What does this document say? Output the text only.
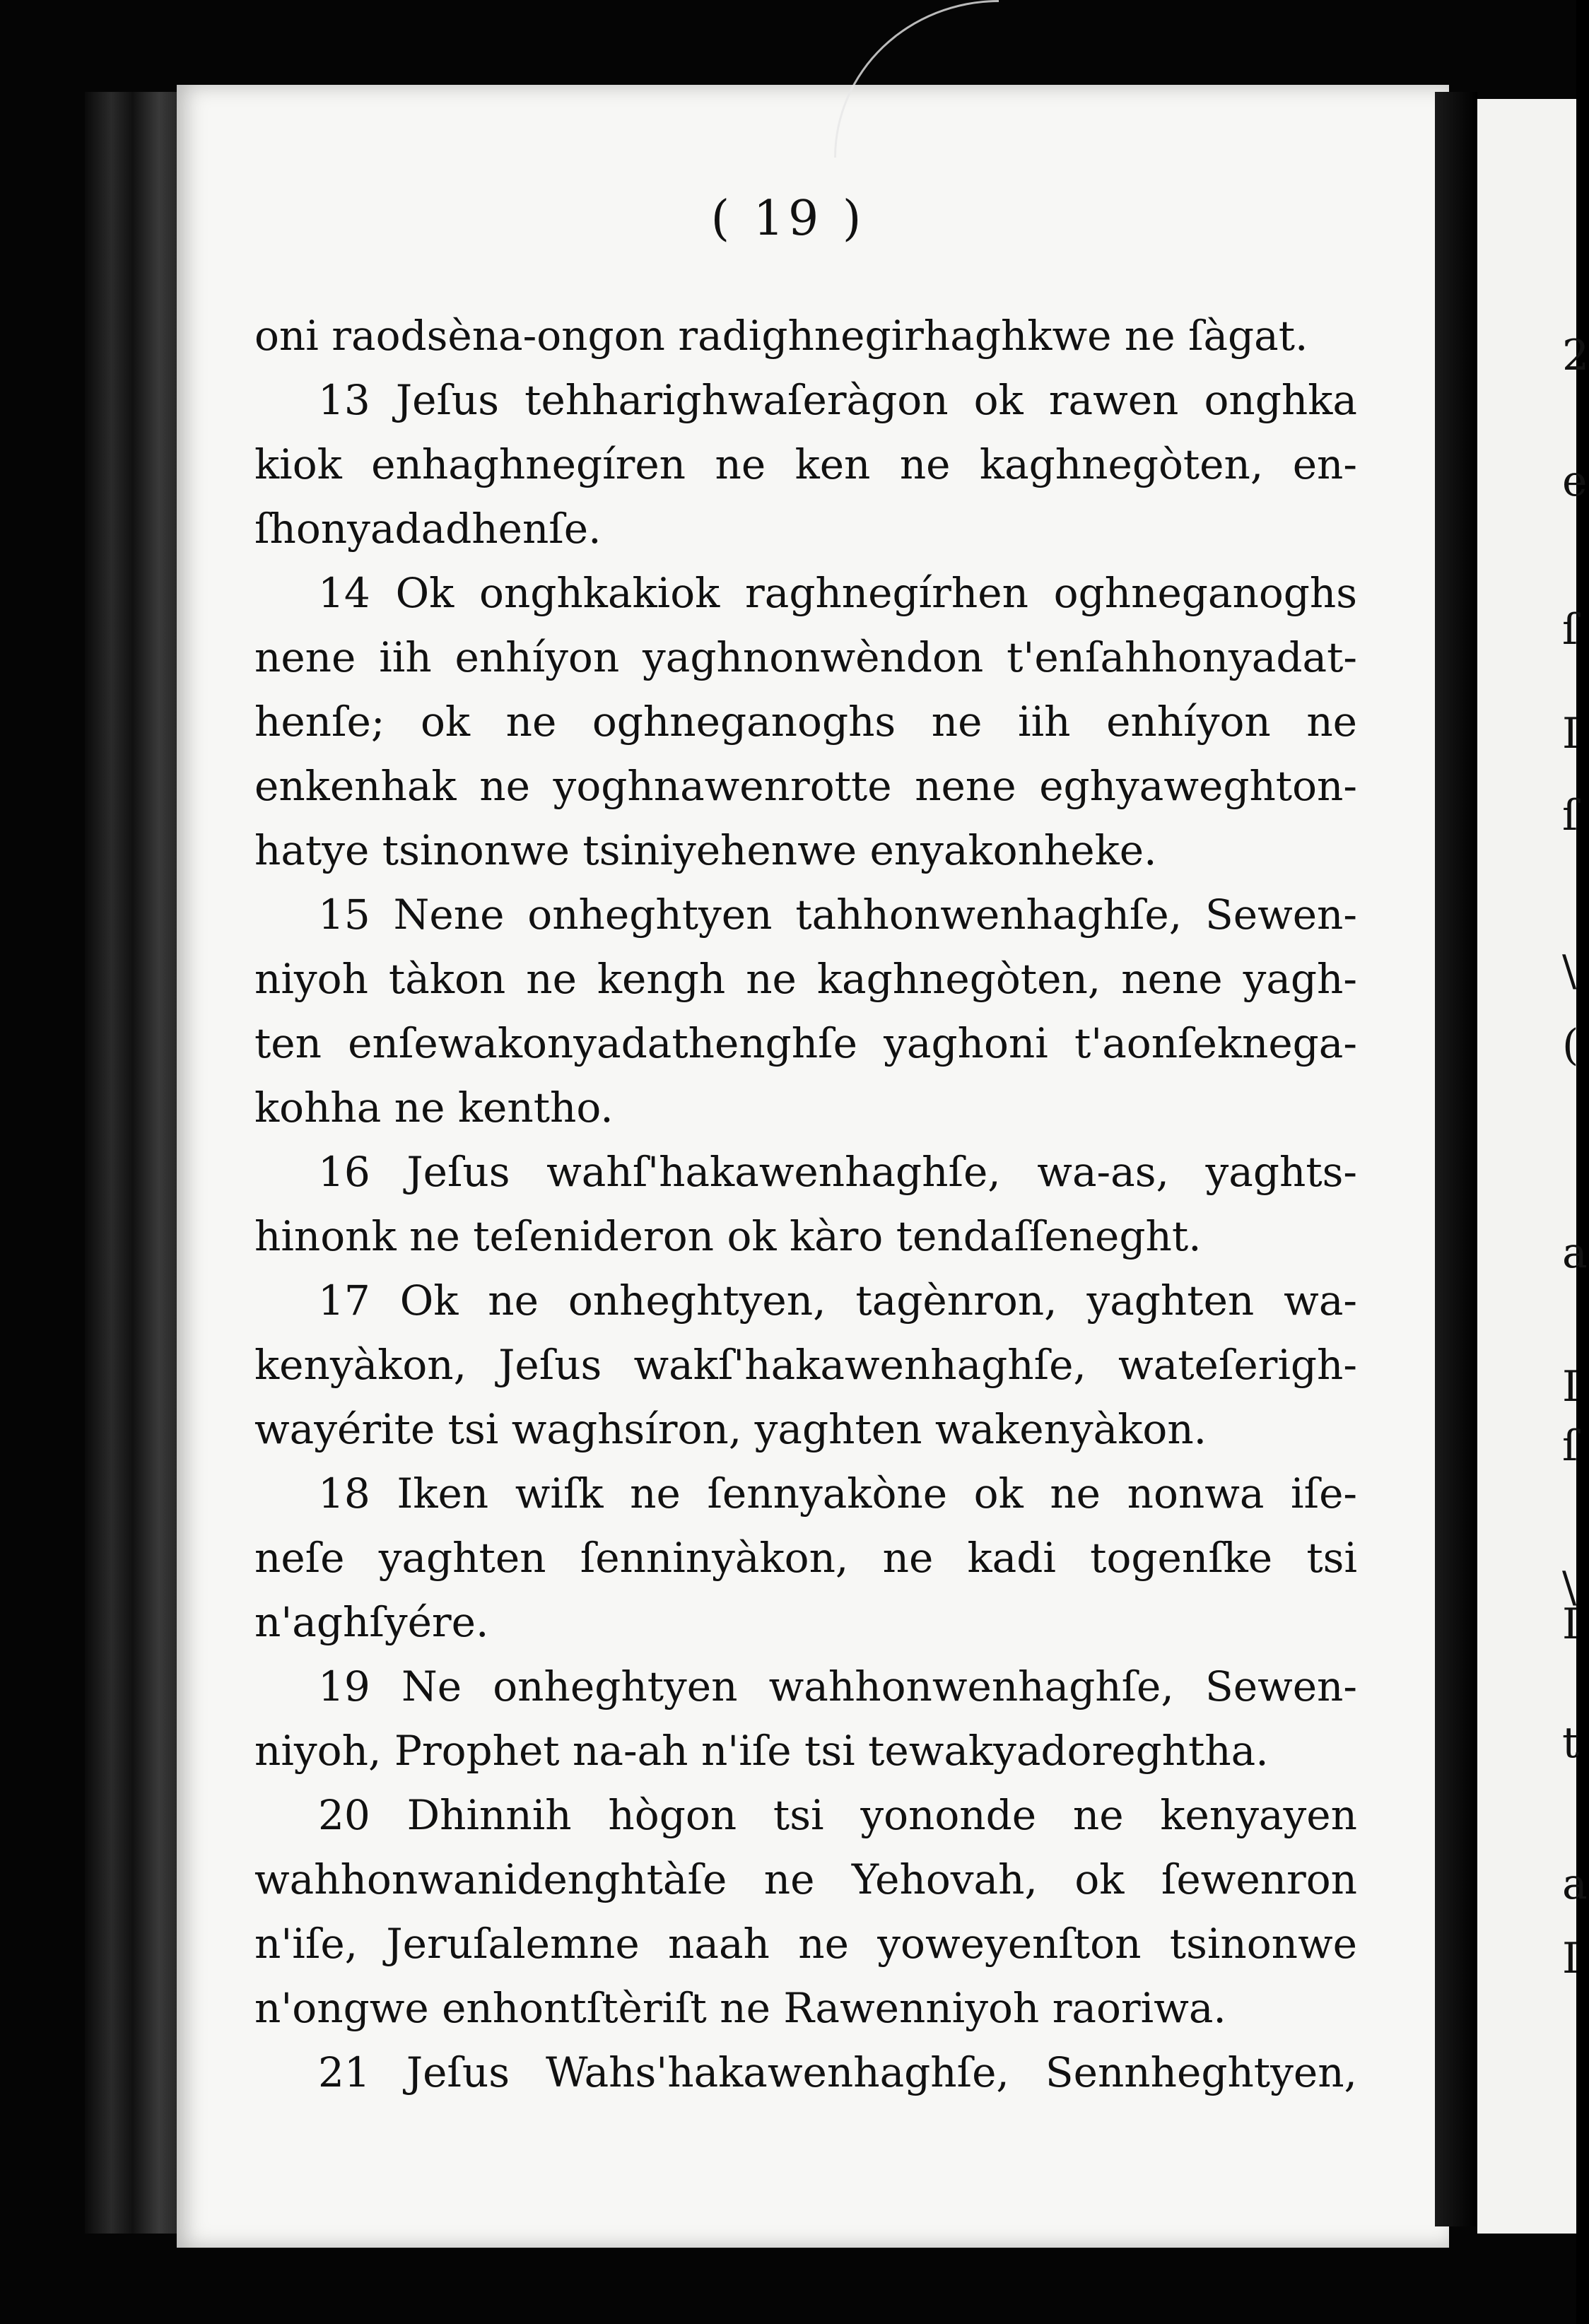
2
e
ſ
I
ſ
\
(
a
I
ſ
\
I
t
a
I
( 19 )
oni raodsèna-ongon radighnegirhaghkwe ne ſàgat.
13 Jeſus tehharighwaſeràgon ok rawen onghka
kiok enhaghnegíren ne ken ne kaghnegòten, en-
ſhonyadadhenſe.
14 Ok onghkakiok raghnegírhen oghneganoghs
nene iih enhíyon yaghnonwèndon t'enſahhonyadat-
henſe; ok ne oghneganoghs ne iih enhíyon ne
enkenhak ne yoghnawenrotte nene eghyaweghton-
hatye tsinonwe tsiniyehenwe enyakonheke.
15 Nene onheghtyen tahhonwenhaghſe, Sewen-
niyoh tàkon ne kengh ne kaghnegòten, nene yagh-
ten enſewakonyadathenghſe yaghoni t'aonſeknega-
kohha ne kentho.
16 Jeſus wahſ'hakawenhaghſe, wa-as, yaghts-
hinonk ne teſenideron ok kàro tendaſſeneght.
17 Ok ne onheghtyen, tagènron, yaghten wa-
kenyàkon, Jeſus wakſ'hakawenhaghſe, wateſerigh-
wayérite tsi waghsíron, yaghten wakenyàkon.
18 Iken wiſk ne ſennyakòne ok ne nonwa iſe-
neſe yaghten ſenninyàkon, ne kadi togenſke tsi
n'aghſyére.
19 Ne onheghtyen wahhonwenhaghſe, Sewen-
niyoh, Prophet na-ah n'iſe tsi tewakyadoreghtha.
20 Dhinnih hògon tsi yononde ne kenyayen
wahhonwanidenghtàſe ne Yehovah, ok ſewenron
n'iſe, Jeruſalemne naah ne yoweyenſton tsinonwe
n'ongwe enhontſtèriſt ne Rawenniyoh raoriwa.
21 Jeſus Wahs'hakawenhaghſe, Sennheghtyen,
